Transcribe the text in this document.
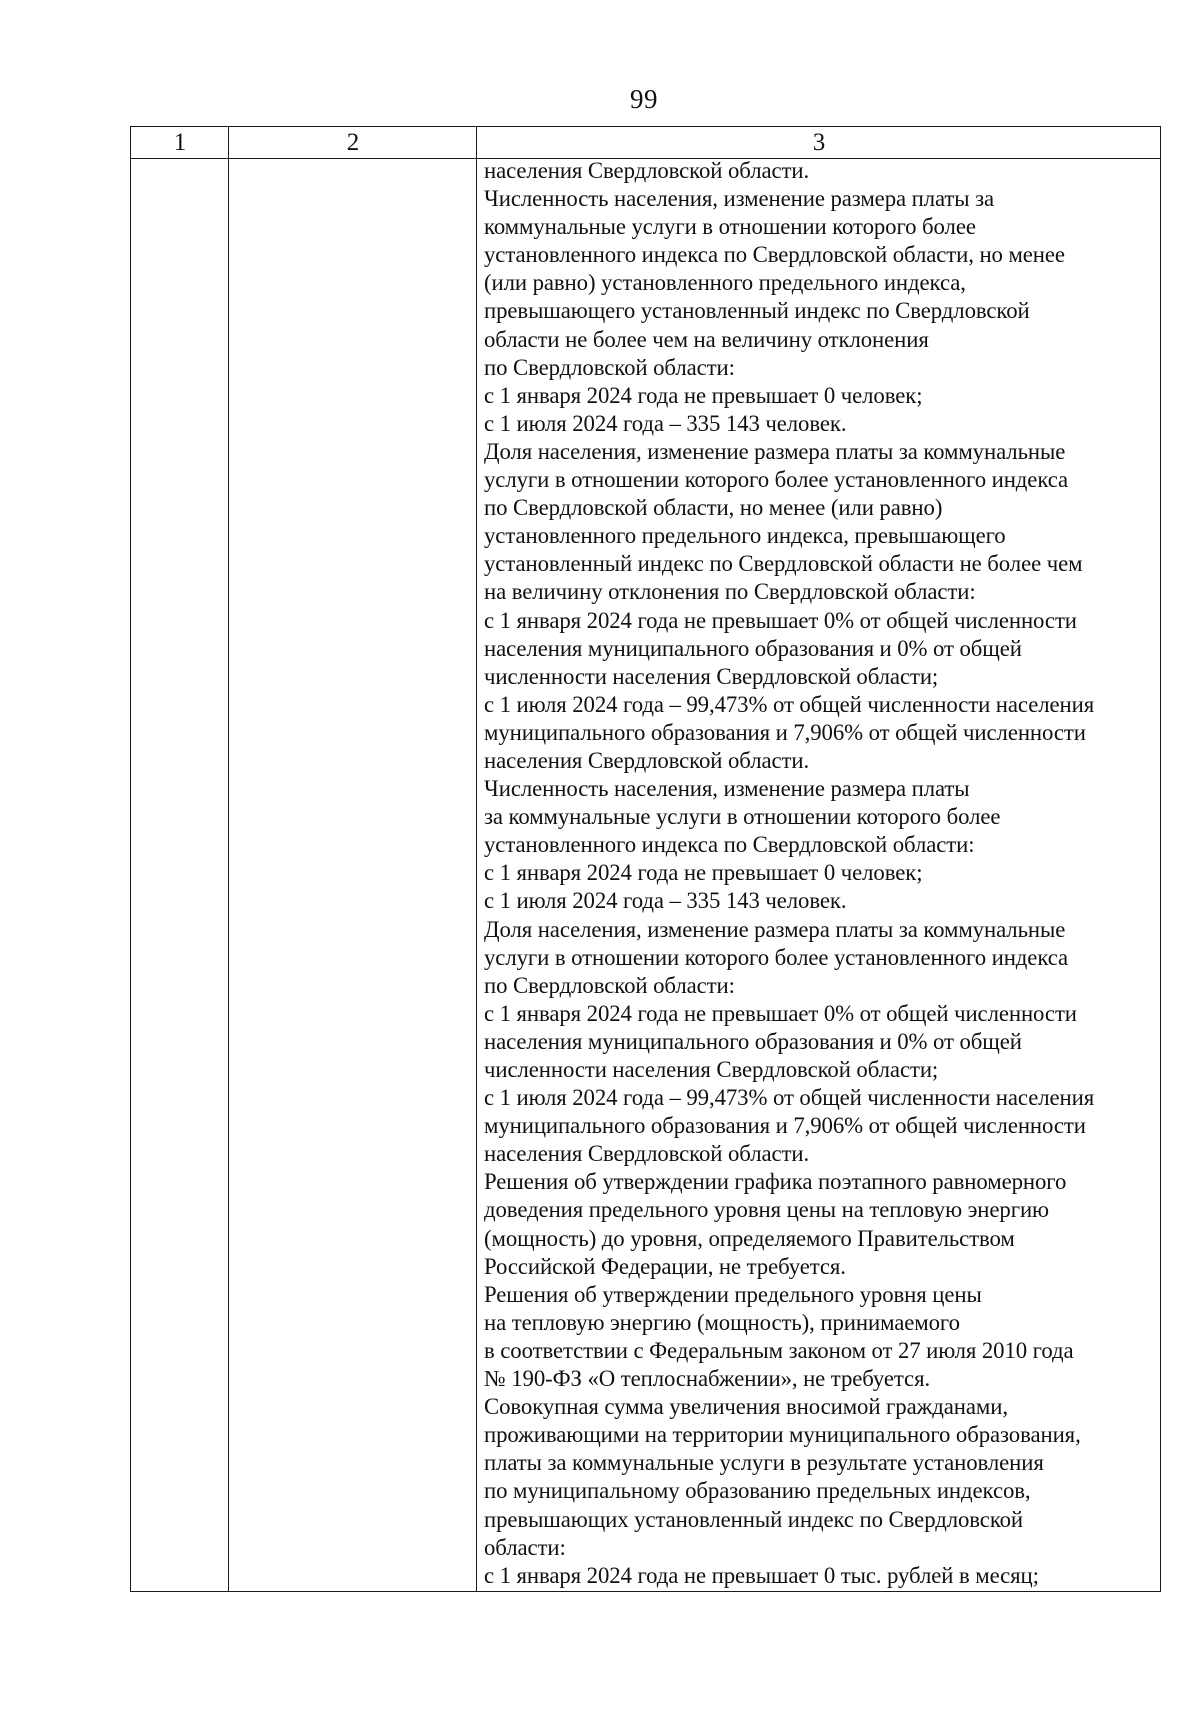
99
1	2	3
населения Свердловской области.
Численность населения, изменение размера платы за
коммунальные услуги в отношении которого более
установленного индекса по Свердловской области, но менее
(или равно) установленного предельного индекса,
превышающего установленный индекс по Свердловской
области не более чем на величину отклонения
по Свердловской области:
с 1 января 2024 года не превышает 0 человек;
с 1 июля 2024 года – 335 143 человек.
Доля населения, изменение размера платы за коммунальные
услуги в отношении которого более установленного индекса
по Свердловской области, но менее (или равно)
установленного предельного индекса, превышающего
установленный индекс по Свердловской области не более чем
на величину отклонения по Свердловской области:
с 1 января 2024 года не превышает 0% от общей численности
населения муниципального образования и 0% от общей
численности населения Свердловской области;
с 1 июля 2024 года – 99,473% от общей численности населения
муниципального образования и 7,906% от общей численности
населения Свердловской области.
Численность населения, изменение размера платы
за коммунальные услуги в отношении которого более
установленного индекса по Свердловской области:
с 1 января 2024 года не превышает 0 человек;
с 1 июля 2024 года – 335 143 человек.
Доля населения, изменение размера платы за коммунальные
услуги в отношении которого более установленного индекса
по Свердловской области:
с 1 января 2024 года не превышает 0% от общей численности
населения муниципального образования и 0% от общей
численности населения Свердловской области;
с 1 июля 2024 года – 99,473% от общей численности населения
муниципального образования и 7,906% от общей численности
населения Свердловской области.
Решения об утверждении графика поэтапного равномерного
доведения предельного уровня цены на тепловую энергию
(мощность) до уровня, определяемого Правительством
Российской Федерации, не требуется.
Решения об утверждении предельного уровня цены
на тепловую энергию (мощность), принимаемого
в соответствии с Федеральным законом от 27 июля 2010 года
№ 190-ФЗ «О теплоснабжении», не требуется.
Совокупная сумма увеличения вносимой гражданами,
проживающими на территории муниципального образования,
платы за коммунальные услуги в результате установления
по муниципальному образованию предельных индексов,
превышающих установленный индекс по Свердловской
области:
с 1 января 2024 года не превышает 0 тыс. рублей в месяц;
